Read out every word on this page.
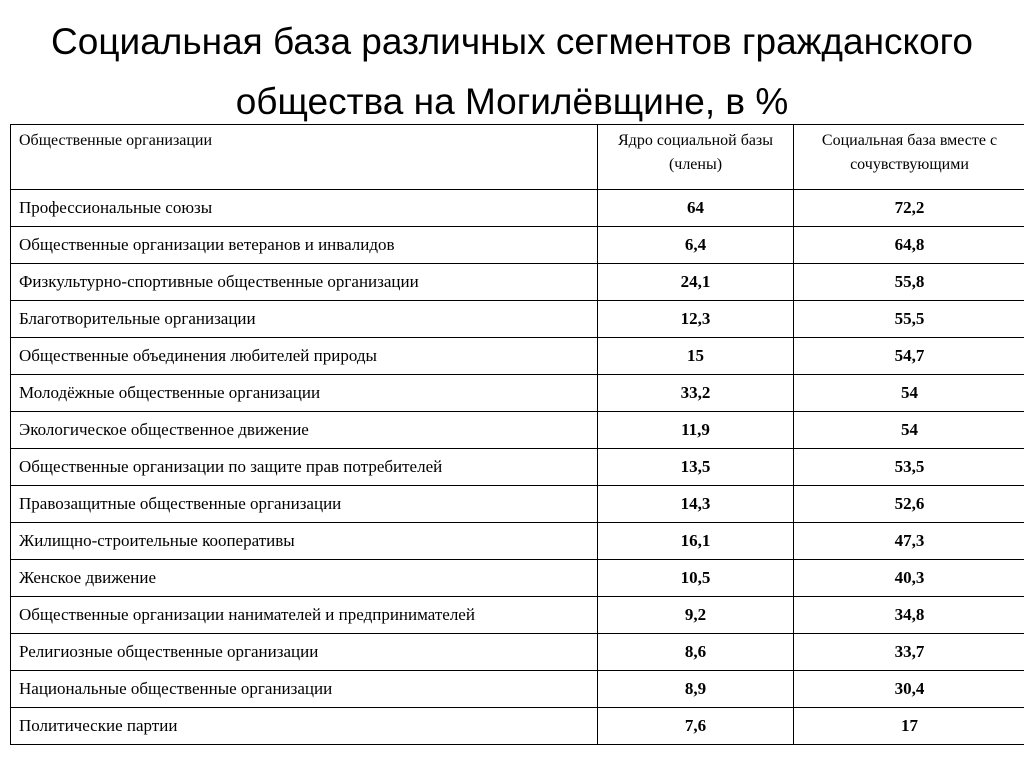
Социальная база различных сегментов гражданского
общества на Могилёвщине, в %
Общественные организации	Ядро социальной базы (члены)	Социальная база вместе с сочувствующими
Профессиональные союзы	64	72,2
Общественные организации ветеранов и инвалидов	6,4	64,8
Физкультурно-спортивные общественные организации	24,1	55,8
Благотворительные организации	12,3	55,5
Общественные объединения любителей природы	15	54,7
Молодёжные общественные организации	33,2	54
Экологическое общественное движение	11,9	54
Общественные организации по защите прав потребителей	13,5	53,5
Правозащитные общественные организации	14,3	52,6
Жилищно-строительные кооперативы	16,1	47,3
Женское движение	10,5	40,3
Общественные организации нанимателей и предпринимателей	9,2	34,8
Религиозные общественные организации	8,6	33,7
Национальные общественные организации	8,9	30,4
Политические партии	7,6	17
